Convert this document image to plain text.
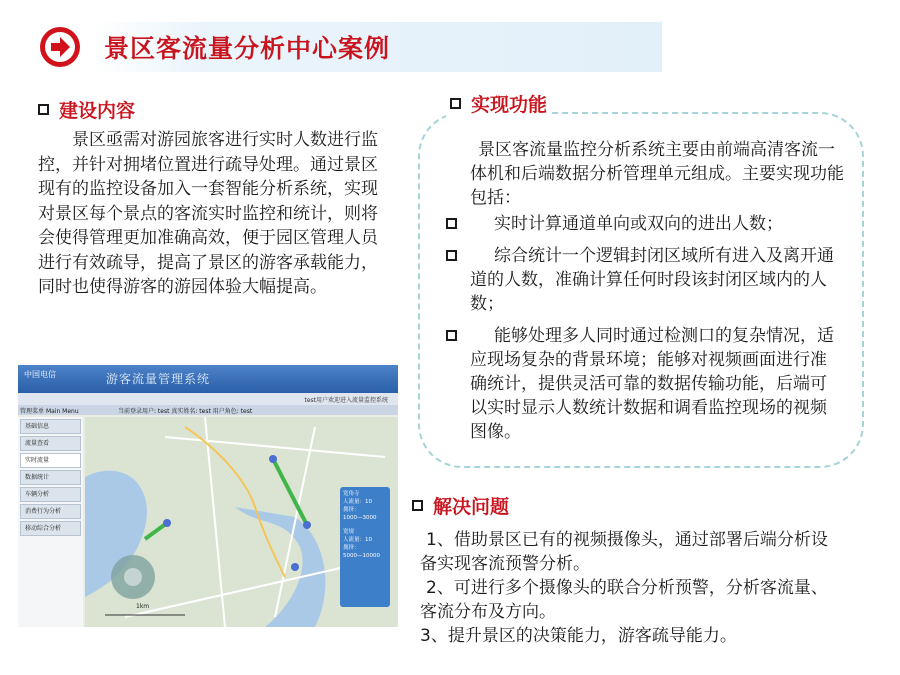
景区客流量分析中心案例
建设内容
景区亟需对游园旅客进行实时人数进行监控，并针对拥堵位置进行疏导处理。通过景区现有的监控设备加入一套智能分析系统，实现对景区每个景点的客流实时监控和统计，则将会使得管理更加准确高效，便于园区管理人员进行有效疏导，提高了景区的游客承载能力，同时也使得游客的游园体验大幅提高。
中国电信	游客流量管理系统
test用户欢迎进入流量监控系统
管理菜单 Main Menu	当前登录用户: test 真实姓名: test 用户角色: test
基础信息
流量查看
实时流量
数据统计
车辆分析
消费行为分析
移动综合分析
1km
宽角寺
人流量：10
拥挤：
1000—3000
宽规
人流量：10
拥挤：
5000—10000
实现功能
景区客流量监控分析系统主要由前端高清客流一体机和后端数据分析管理单元组成。主要实现功能包括：
实时计算通道单向或双向的进出人数；
综合统计一个逻辑封闭区域所有进入及离开通道的人数，准确计算任何时段该封闭区域内的人数；
能够处理多人同时通过检测口的复杂情况，适应现场复杂的背景环境；能够对视频画面进行准确统计，提供灵活可靠的数据传输功能，后端可以实时显示人数统计数据和调看监控现场的视频图像。
解决问题
1、借助景区已有的视频摄像头，通过部署后端分析设备实现客流预警分析。
2、可进行多个摄像头的联合分析预警，分析客流量、客流分布及方向。
3、提升景区的决策能力，游客疏导能力。
